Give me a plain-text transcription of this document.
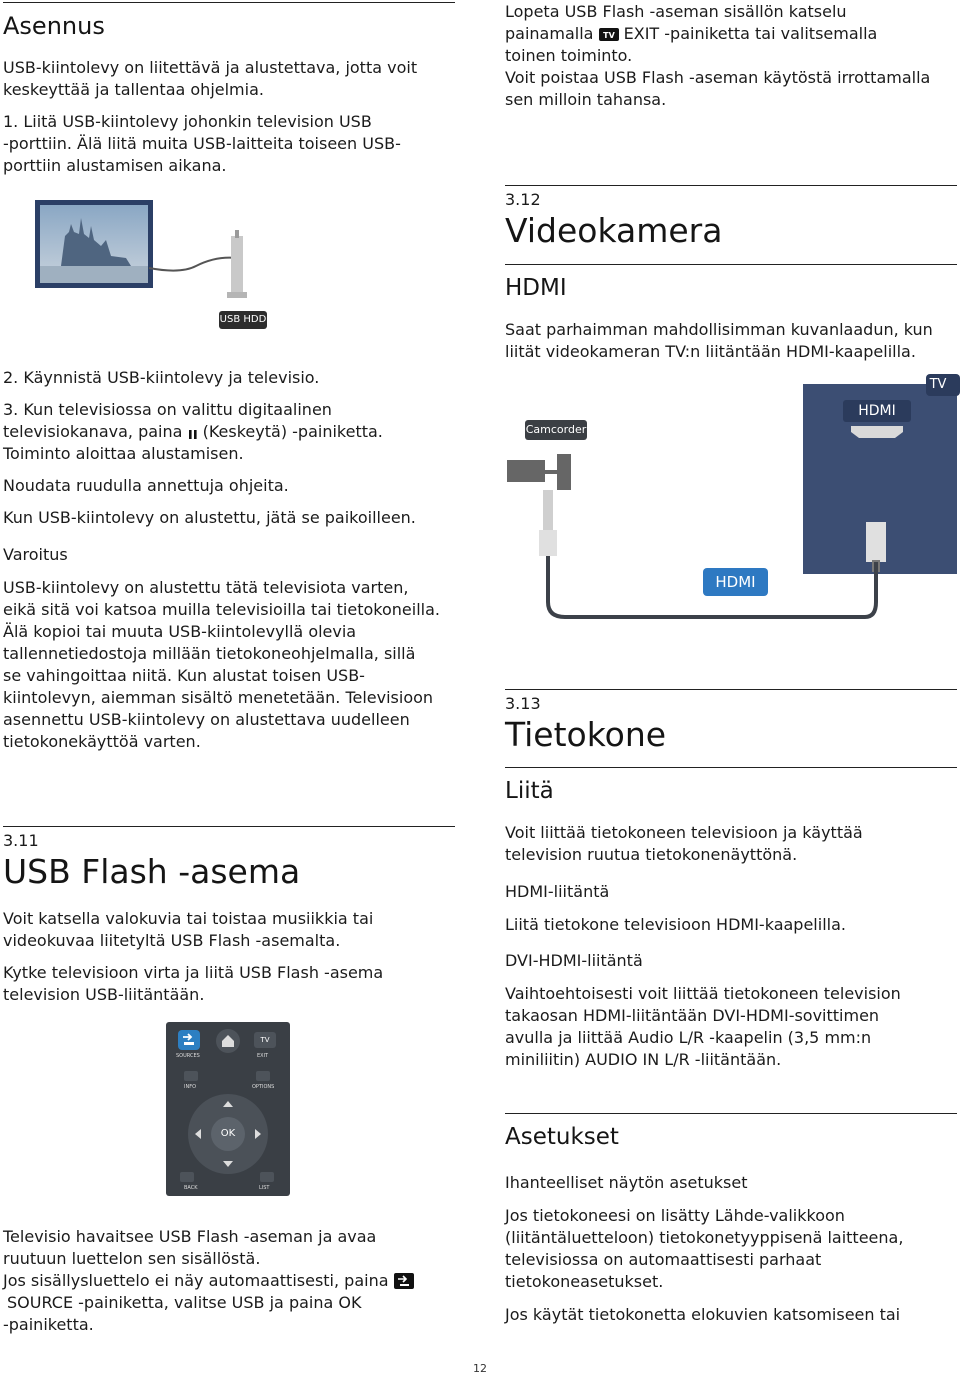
Asennus
USB-kiintolevy on liitettävä ja alustettava, jotta voit
keskeyttää ja tallentaa ohjelmia.
1. Liitä USB-kiintolevy johonkin television USB
-porttiin. Älä liitä muita USB-laitteita toiseen USB-
porttiin alustamisen aikana.
USB HDD
2. Käynnistä USB-kiintolevy ja televisio.
3. Kun televisiossa on valittu digitaalinen
televisiokanava, paina (Keskeytä) -painiketta.
Toiminto aloittaa alustamisen.
Noudata ruudulla annettuja ohjeita.
Kun USB-kiintolevy on alustettu, jätä se paikoilleen.
Varoitus
USB-kiintolevy on alustettu tätä televisiota varten,
eikä sitä voi katsoa muilla televisioilla tai tietokoneilla.
Älä kopioi tai muuta USB-kiintolevyllä olevia
tallennetiedostoja millään tietokoneohjelmalla, sillä
se vahingoittaa niitä. Kun alustat toisen USB-
kiintolevyn, aiemman sisältö menetetään. Televisioon
asennettu USB-kiintolevy on alustettava uudelleen
tietokonekäyttöä varten.
3.11
USB Flash -asema
Voit katsella valokuvia tai toistaa musiikkia tai
videokuvaa liitetyltä USB Flash -asemalta.
Kytke televisioon virta ja liitä USB Flash -asema
television USB-liitäntään.
TV
SOURCES	EXIT
INFO	OPTIONS
OK
BACK	LIST
Televisio havaitsee USB Flash -aseman ja avaa
ruutuun luettelon sen sisällöstä.
Jos sisällysluettelo ei näy automaattisesti, paina
SOURCE -painiketta, valitse USB ja paina OK
-painiketta.
Lopeta USB Flash -aseman sisällön katselu
painamalla TV EXIT -painiketta tai valitsemalla
toinen toiminto.
Voit poistaa USB Flash -aseman käytöstä irrottamalla
sen milloin tahansa.
3.12
Videokamera
HDMI
Saat parhaimman mahdollisimman kuvanlaadun, kun
liität videokameran TV:n liitäntään HDMI-kaapelilla.
TV
HDMI
Camcorder
HDMI
3.13
Tietokone
Liitä
Voit liittää tietokoneen televisioon ja käyttää
television ruutua tietokonenäyttönä.
HDMI-liitäntä
Liitä tietokone televisioon HDMI-kaapelilla.
DVI-HDMI-liitäntä
Vaihtoehtoisesti voit liittää tietokoneen television
takaosan HDMI-liitäntään DVI-HDMI-sovittimen
avulla ja liittää Audio L/R -kaapelin (3,5 mm:n
miniliitin) AUDIO IN L/R -liitäntään.
Asetukset
Ihanteelliset näytön asetukset
Jos tietokoneesi on lisätty Lähde-valikkoon
(liitäntäluetteloon) tietokonetyyppisenä laitteena,
televisiossa on automaattisesti parhaat
tietokoneasetukset.
Jos käytät tietokonetta elokuvien katsomiseen tai
12
